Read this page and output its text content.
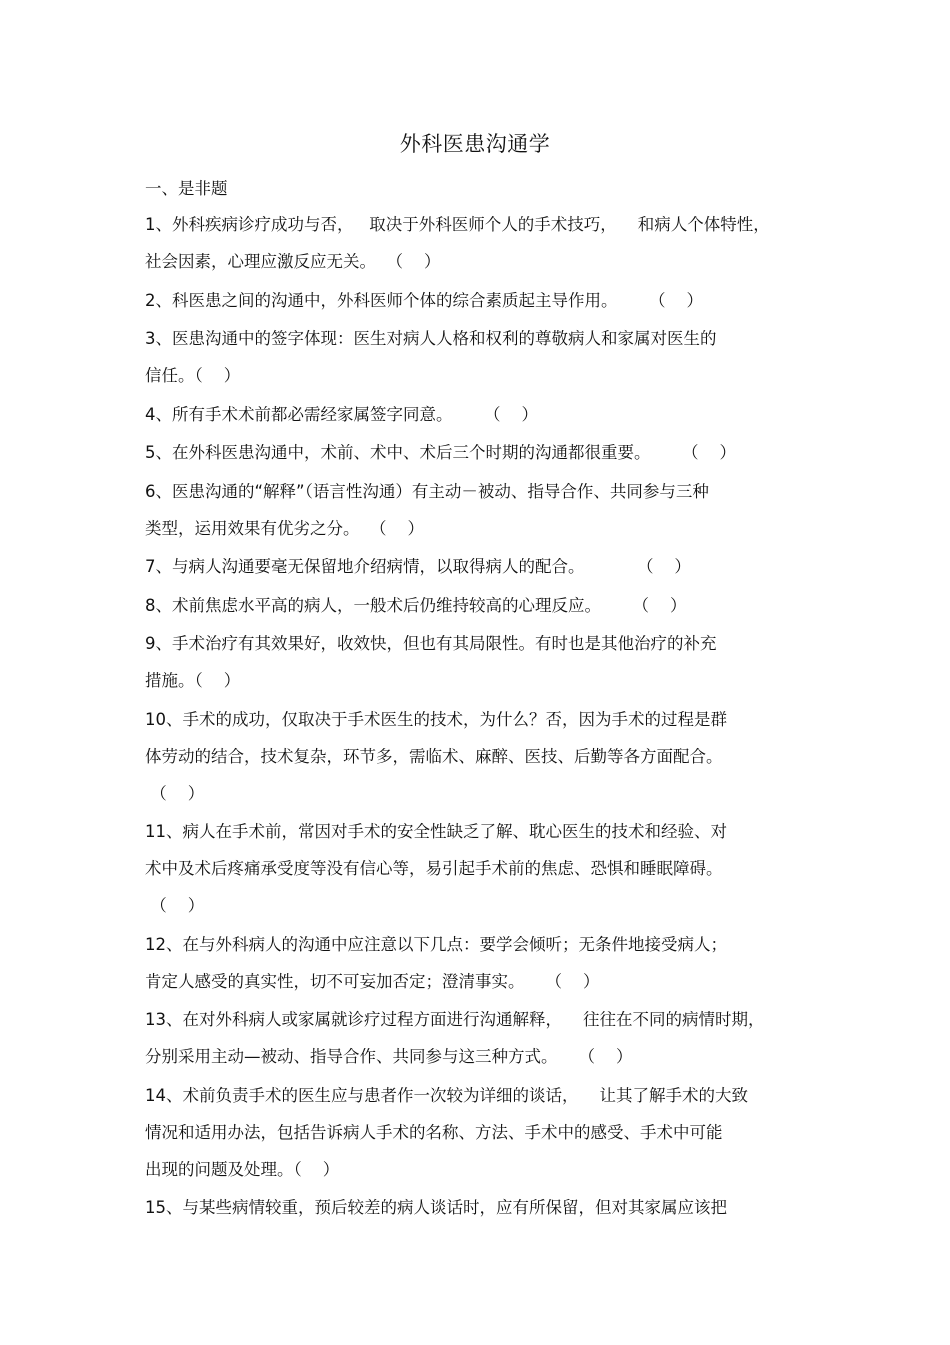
外科医患沟通学
一、是非题
1、外科疾病诊疗成功与否，   取决于外科医师个人的手术技巧，    和病人个体特性，
社会因素，心理应激反应无关。  （    ）
2、科医患之间的沟通中，外科医师个体的综合素质起主导作用。      （    ）
3、医患沟通中的签字体现：医生对病人人格和权利的尊敬病人和家属对医生的
信任。（    ）
4、所有手术术前都必需经家属签字同意。      （    ）
5、在外科医患沟通中，术前、术中、术后三个时期的沟通都很重要。      （    ）
6、医患沟通的“解释”（语言性沟通）有主动－被动、指导合作、共同参与三种
类型，运用效果有优劣之分。  （    ）
7、与病人沟通要毫无保留地介绍病情，以取得病人的配合。          （    ）
8、术前焦虑水平高的病人，一般术后仍维持较高的心理反应。      （    ）
9、手术治疗有其效果好，收效快，但也有其局限性。有时也是其他治疗的补充
措施。（    ）
10、手术的成功，仅取决于手术医生的技术，为什么？否，因为手术的过程是群
体劳动的结合，技术复杂，环节多，需临术、麻醉、医技、后勤等各方面配合。
（    ）
11、病人在手术前，常因对手术的安全性缺乏了解、耽心医生的技术和经验、对
术中及术后疼痛承受度等没有信心等，易引起手术前的焦虑、恐惧和睡眠障碍。
（    ）
12、在与外科病人的沟通中应注意以下几点：要学会倾听；无条件地接受病人；
肯定人感受的真实性，切不可妄加否定；澄清事实。    （    ）
13、在对外科病人或家属就诊疗过程方面进行沟通解释，    往往在不同的病情时期，
分别采用主动—被动、指导合作、共同参与这三种方式。    （    ）
14、术前负责手术的医生应与患者作一次较为详细的谈话，    让其了解手术的大致
情况和适用办法，包括告诉病人手术的名称、方法、手术中的感受、手术中可能
出现的问题及处理。（    ）
15、与某些病情较重，预后较差的病人谈话时，应有所保留，但对其家属应该把
